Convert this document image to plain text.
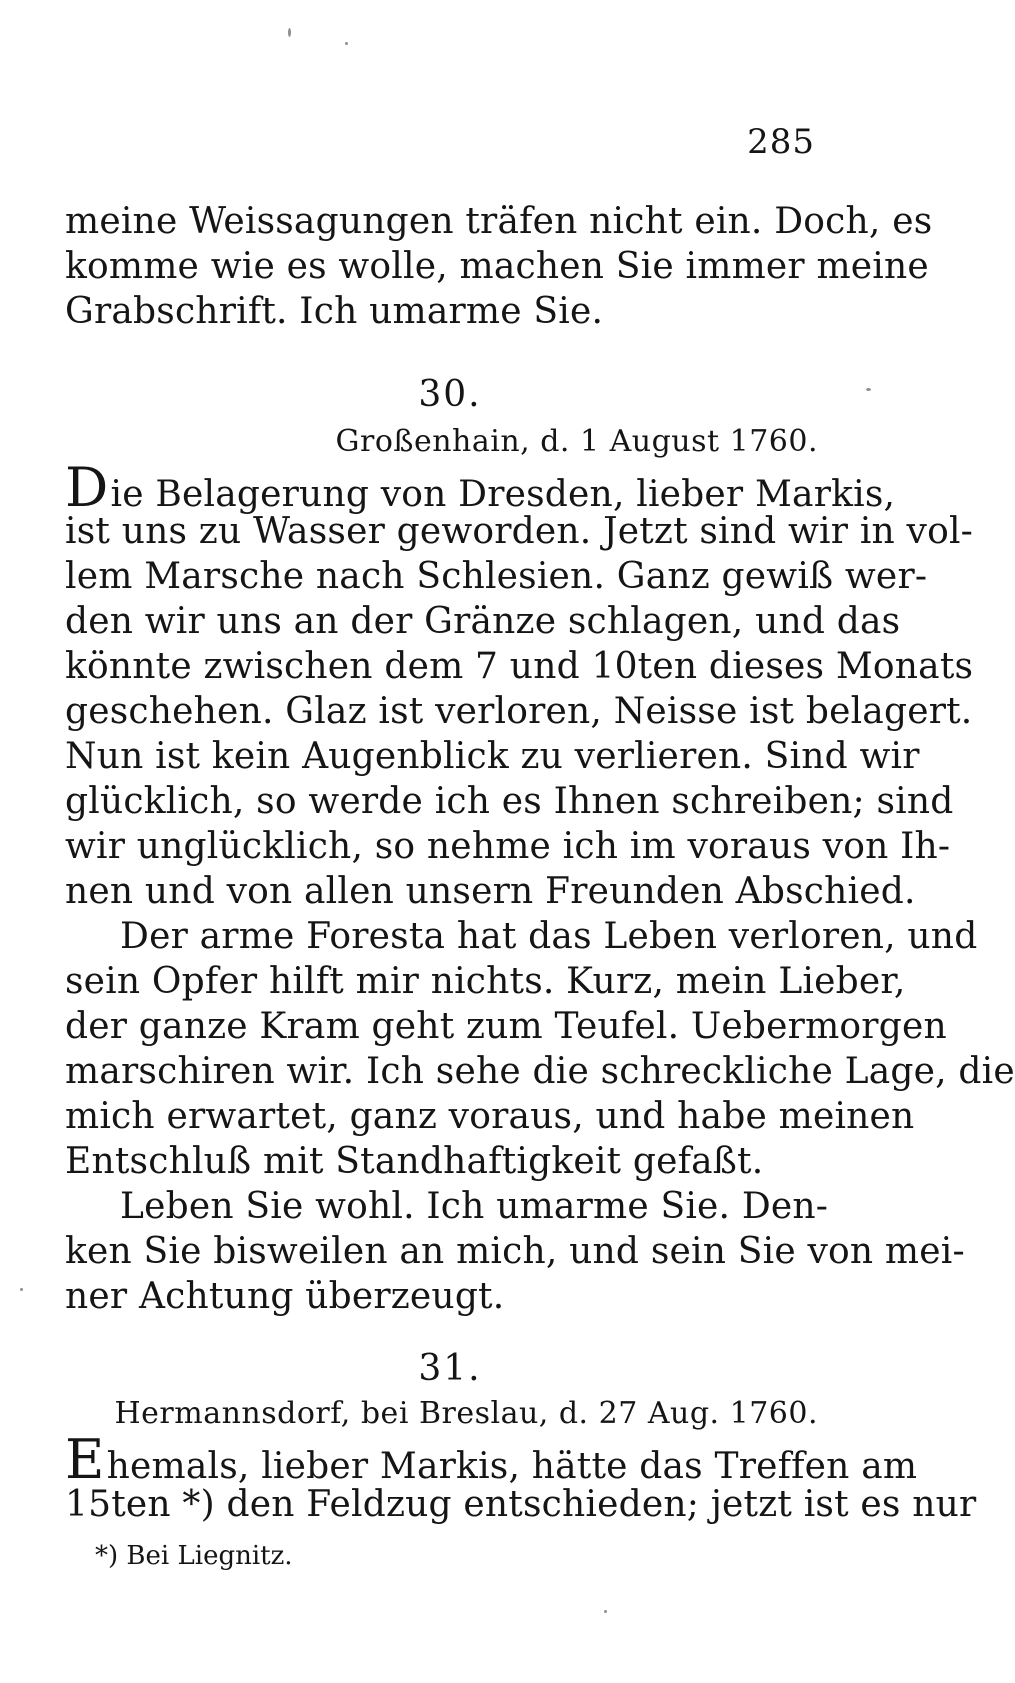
285
meine Weissagungen träfen nicht ein. Doch, es
komme wie es wolle, machen Sie immer meine
Grabschrift. Ich umarme Sie.
30.
Großenhain, d. 1 August 1760.
Die Belagerung von Dresden, lieber Markis,
ist uns zu Wasser geworden. Jetzt sind wir in vol-
lem Marsche nach Schlesien. Ganz gewiß wer-
den wir uns an der Gränze schlagen, und das
könnte zwischen dem 7 und 10ten dieses Monats
geschehen. Glaz ist verloren, Neisse ist belagert.
Nun ist kein Augenblick zu verlieren. Sind wir
glücklich, so werde ich es Ihnen schreiben; sind
wir unglücklich, so nehme ich im voraus von Ih-
nen und von allen unsern Freunden Abschied.
Der arme Foresta hat das Leben verloren, und
sein Opfer hilft mir nichts. Kurz, mein Lieber,
der ganze Kram geht zum Teufel. Uebermorgen
marschiren wir. Ich sehe die schreckliche Lage, die
mich erwartet, ganz voraus, und habe meinen
Entschluß mit Standhaftigkeit gefaßt.
Leben Sie wohl. Ich umarme Sie. Den-
ken Sie bisweilen an mich, und sein Sie von mei-
ner Achtung überzeugt.
31.
Hermannsdorf, bei Breslau, d. 27 Aug. 1760.
Ehemals, lieber Markis, hätte das Treffen am
15ten *) den Feldzug entschieden; jetzt ist es nur
*) Bei Liegnitz.
